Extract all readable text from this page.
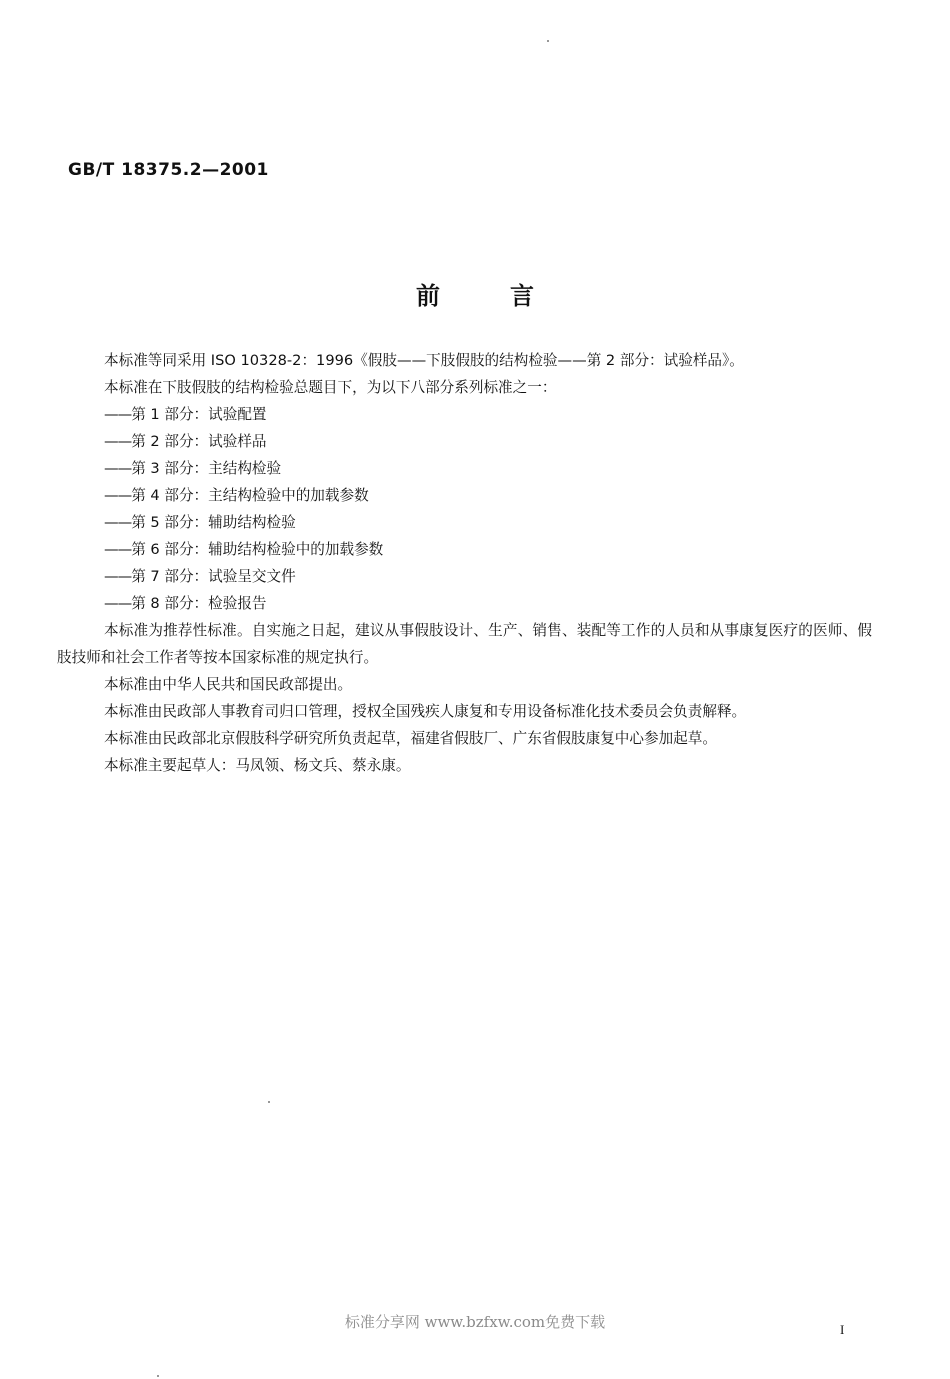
GB/T 18375.2—2001
前言

本标准等同采用 ISO 10328-2：1996《假肢——下肢假肢的结构检验——第 2 部分：试验样品》。

本标准在下肢假肢的结构检验总题目下，为以下八部分系列标准之一：

——第 1 部分：试验配置

——第 2 部分：试验样品

——第 3 部分：主结构检验

——第 4 部分：主结构检验中的加载参数

——第 5 部分：辅助结构检验

——第 6 部分：辅助结构检验中的加载参数

——第 7 部分：试验呈交文件

——第 8 部分：检验报告

本标准为推荐性标准。自实施之日起，建议从事假肢设计、生产、销售、装配等工作的人员和从事康复医疗的医师、假肢技师和社会工作者等按本国家标准的规定执行。

本标准由中华人民共和国民政部提出。

本标准由民政部人事教育司归口管理，授权全国残疾人康复和专用设备标准化技术委员会负责解释。

本标准由民政部北京假肢科学研究所负责起草，福建省假肢厂、广东省假肢康复中心参加起草。

本标准主要起草人：马凤领、杨文兵、蔡永康。

标准分享网 www.bzfxw.com免费下载	I
